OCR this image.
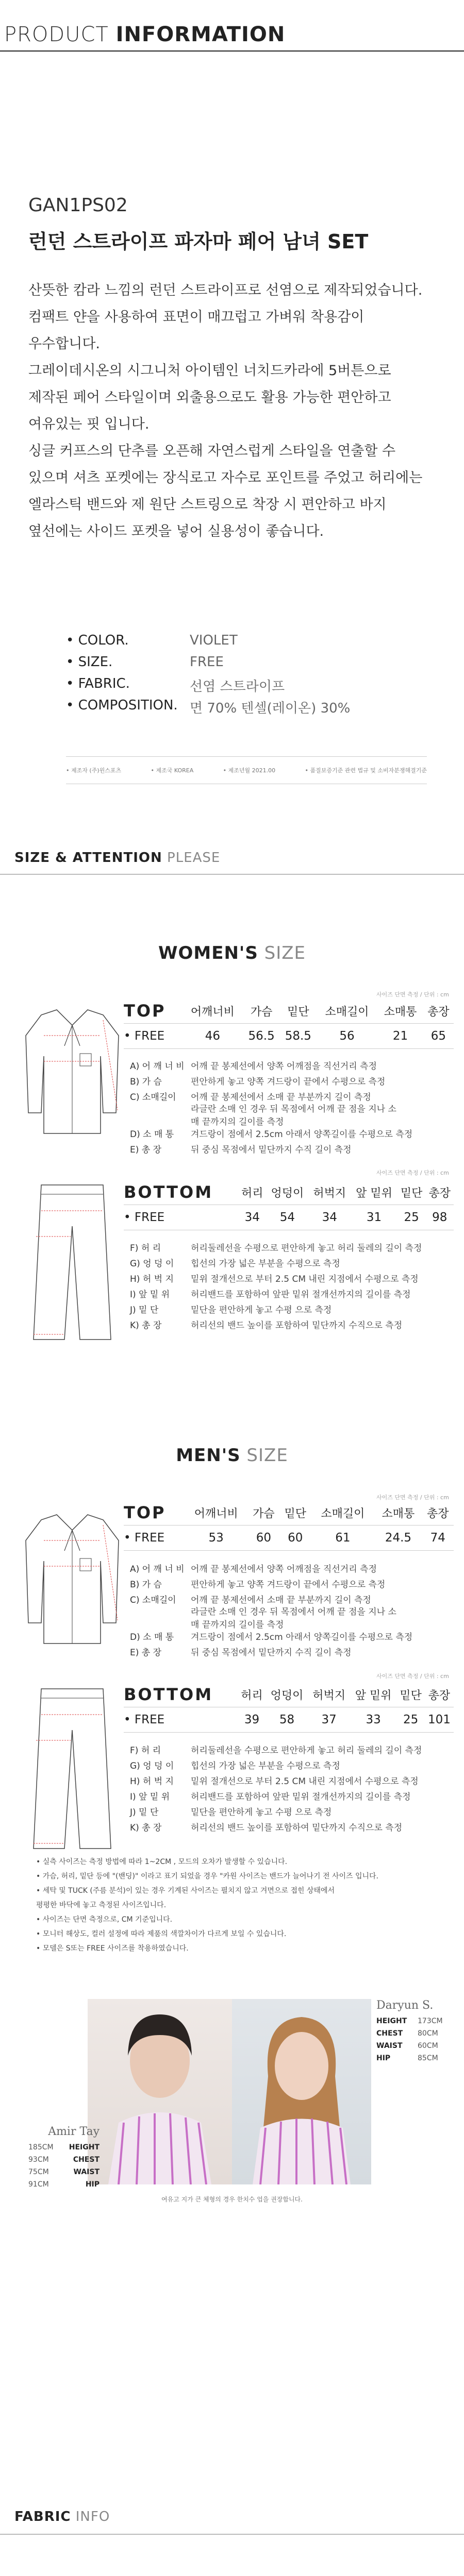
PRODUCT INFORMATION
GAN1PS02
런던 스트라이프 파자마 페어 남녀 SET

산뜻한 캄라 느낌의 런던 스트라이프로 선염으로 제작되었습니다.

컴팩트 얀을 사용하여 표면이 매끄럽고 가벼워 착용감이

우수합니다.

그레이데시온의 시그니처 아이템인 너치드카라에 5버튼으로

제작된 페어 스타일이며 외출용으로도 활용 가능한 편안하고

여유있는 핏 입니다.

싱글 커프스의 단추를 오픈해 자연스럽게 스타일을 연출할 수

있으며 셔츠 포켓에는 장식로고 자수로 포인트를 주었고 허리에는

엘라스틱 밴드와 제 원단 스트링으로 착장 시 편안하고 바지

옆선에는 사이드 포켓을 넣어 실용성이 좋습니다.

• COLOR.	VIOLET
• SIZE.	FREE
• FABRIC.	선염 스트라이프
• COMPOSITION. 면 70% 텐셀(레이온) 30%
• 제조자 (주)윈스포츠	• 제조국 KOREA	• 제조년월 2021.00	• 품질보증기준 관련 법규 및 소비자분쟁해결기준
SIZE & ATTENTION PLEASE
WOMEN'S SIZE
사이즈 단면 측정 / 단위 : cm
TOP	어깨너비	가슴	밑단	소매길이	소매통	총장
• FREE	46	56.5	58.5	56	21	65
A) 어 깨 너 비 어깨 끝 봉제선에서 양쪽 어깨점을 직선거리 측정
B) 가 슴	편안하게 놓고 양쪽 겨드랑이 끝에서 수평으로 측정
C) 소매길이	어깨 끝 봉제선에서 소매 끝 부분까지 길이 측정
라글란 소매 인 경우 뒤 목점에서 어깨 끝 점을 지나 소매 끝까지의 길이를 측정
D) 소 매 통	겨드랑이 점에서 2.5cm 아래서 양쪽길이를 수평으로 측정
E) 총 장	뒤 중심 목점에서 밑단까지 수직 길이 측정
사이즈 단면 측정 / 단위 : cm
BOTTOM	허리	엉덩이	허벅지	앞 밑위	밑단	총장
• FREE	34	54	34	31	25	98
F) 허 리	허리둘레선을 수평으로 편안하게 놓고 허리 둘레의 길이 측정
G) 엉 덩 이	힙선의 가장 넓은 부분을 수평으로 측정
H) 허 벅 지	밑위 절개선으로 부터 2.5 CM 내린 지점에서 수평으로 측정
I) 앞 밑 위	허리밴드를 포함하여 앞판 밑위 절개선까지의 길이를 측정
J) 밑 단	밑단을 편안하게 놓고 수평 으로 측정
K) 총 장	허리선의 밴드 높이를 포함하여 밑단까지 수직으로 측정
MEN'S SIZE
사이즈 단면 측정 / 단위 : cm
TOP	어깨너비	가슴	밑단	소매길이	소매통	총장
• FREE	53	60	60	61	24.5	74
A) 어 깨 너 비 어깨 끝 봉제선에서 양쪽 어깨점을 직선거리 측정
B) 가 슴	편안하게 놓고 양쪽 겨드랑이 끝에서 수평으로 측정
C) 소매길이	어깨 끝 봉제선에서 소매 끝 부분까지 길이 측정
라글란 소매 인 경우 뒤 목점에서 어깨 끝 점을 지나 소매 끝까지의 길이를 측정
D) 소 매 통	겨드랑이 점에서 2.5cm 아래서 양쪽길이를 수평으로 측정
E) 총 장	뒤 중심 목점에서 밑단까지 수직 길이 측정
사이즈 단면 측정 / 단위 : cm
BOTTOM	허리	엉덩이	허벅지	앞 밑위	밑단	총장
• FREE	39	58	37	33	25	101
F) 허 리	허리둘레선을 수평으로 편안하게 놓고 허리 둘레의 길이 측정
G) 엉 덩 이	힙선의 가장 넓은 부분을 수평으로 측정
H) 허 벅 지	밑위 절개선으로 부터 2.5 CM 내린 지점에서 수평으로 측정
I) 앞 밑 위	허리밴드를 포함하여 앞판 밑위 절개선까지의 길이를 측정
J) 밑 단	밑단을 편안하게 놓고 수평 으로 측정
K) 총 장	허리선의 밴드 높이를 포함하여 밑단까지 수직으로 측정

• 실측 사이즈는 측정 방법에 따라 1~2CM , 모드의 오차가 발생할 수 있습니다.

• 가슴, 허리, 밑단 등에 "(밴딩)" 이라고 표기 되었을 경우 "카원 사이즈는 밴드가 늘어나기 전 사이즈 입니다.

• 세탁 및 TUCK (주름 분석)이 있는 경우 기계된 사이즈는 펼치지 않고 겨면으로 접힌 상태에서

평평한 바닥에 놓고 측정된 사이즈입니다.

• 사이즈는 단면 측정으로, CM 기준입니다.

• 모니터 해상도, 컬러 설정에 따라 제품의 색깔차이가 다르게 보일 수 있습니다.

• 모델은 S또는 FREE 사이즈를 착용하였습니다.

Daryun S.
HEIGHT	173CM
CHEST	80CM
WAIST	60CM
HIP	85CM
Amir Tay
185CM	HEIGHT
93CM	CHEST
75CM	WAIST
91CM	HIP
여유고 지가 큰 체형의 경우 한치수 업을 권장합니다.
FABRIC INFO
